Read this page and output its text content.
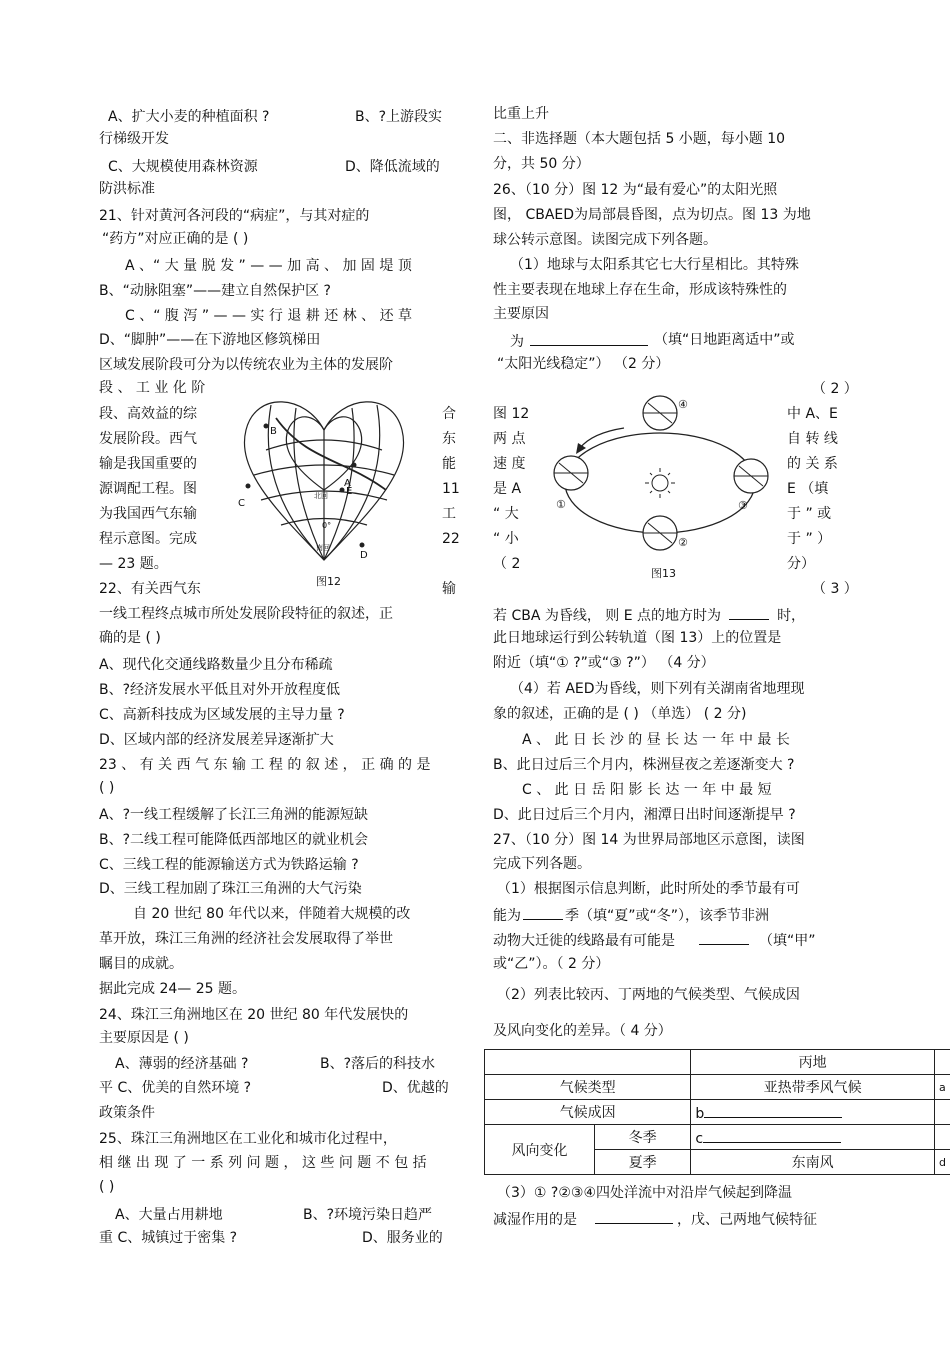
A、扩大小麦的种植面积 ?	B、?上游段实
行梯级开发
C、大规模使用森林资源	D、降低流域的
防洪标准
21、针对黄河各河段的“病症”，与其对症的
“药方”对应正确的是 ( )
A 、“ 大 量 脱 发 ” — — 加 高 、 加 固 堤 顶
B、“动脉阻塞”——建立自然保护区 ?
C 、“ 腹 泻 ” — — 实 行 退 耕 还 林 、 还 草
D、“脚肿”——在下游地区修筑梯田
区域发展阶段可分为以传统农业为主体的发展阶
段 、 工 业 化 阶
段、高效益的综
发展阶段。西气
输是我国重要的
源调配工程。图
为我国西气东输
程示意图。完成
— 23 题。
合
东
能
11
工
22
B
C
A
E
D
北回
0°
南回
图12
22、有关西气东	输
一线工程终点城市所处发展阶段特征的叙述，正
确的是 ( )
A、现代化交通线路数量少且分布稀疏
B、?经济发展水平低且对外开放程度低
C、高新科技成为区域发展的主导力量 ?
D、区域内部的经济发展差异逐渐扩大
23 、 有 关 西 气 东 输 工 程 的 叙 述 ， 正 确 的 是
( )
A、?一线工程缓解了长江三角洲的能源短缺
B、?二线工程可能降低西部地区的就业机会
C、三线工程的能源输送方式为铁路运输 ?
D、三线工程加剧了珠江三角洲的大气污染
自 20 世纪 80 年代以来，伴随着大规模的改
革开放，珠江三角洲的经济社会发展取得了举世
瞩目的成就。
据此完成 24— 25 题。
24、珠江三角洲地区在 20 世纪 80 年代发展快的
主要原因是 ( )
A、薄弱的经济基础 ?	B、?落后的科技水
平 C、优美的自然环境 ?	D、优越的
政策条件
25、珠江三角洲地区在工业化和城市化过程中，
相 继 出 现 了 一 系 列 问 题 ， 这 些 问 题 不 包 括
( )
A、大量占用耕地	B、?环境污染日趋严
重 C、城镇过于密集 ?	D、服务业的
比重上升
二、非选择题（本大题包括 5 小题，每小题 10
分，共 50 分）
26、（10 分）图 12 为“最有爱心”的太阳光照
图， CBAED为局部晨昏图，点为切点。图 13 为地
球公转示意图。读图完成下列各题。
（1）地球与太阳系其它七大行星相比。其特殊
性主要表现在地球上存在生命，形成该特殊性的
主要原因
为	（填“日地距离适中”或
“太阳光线稳定”） （2 分）
（ 2 ）
图 12
两 点
速 度
是 A
“ 大
“ 小
（ 2
中 A、E
自 转 线
的 关 系
E （填
于 ” 或
于 ” ）
分）
④
①	③
②
图13
（ 3 ）
若 CBA 为昏线， 则 E 点的地方时为	时，
此日地球运行到公转轨道（图 13）上的位置是
附近（填“① ?”或“③ ?”） （4 分）
（4）若 AED为昏线，则下列有关湖南省地理现
象的叙述，正确的是 ( ) （单选） ( 2 分)
A 、 此 日 长 沙 的 昼 长 达 一 年 中 最 长
B、此日过后三个月内，株洲昼夜之差逐渐变大 ?
C 、 此 日 岳 阳 影 长 达 一 年 中 最 短
D、此日过后三个月内，湘潭日出时间逐渐提早 ?
27、（10 分）图 14 为世界局部地区示意图，读图
完成下列各题。
（1）根据图示信息判断，此时所处的季节最有可
能为	季（填“夏”或“冬”），该季节非洲
动物大迁徙的线路最有可能是	（填“甲”
或“乙”）。（ 2 分）
（2）列表比较丙、丁两地的气候类型、气候成因
及风向变化的差异。（ 4 分）
		丙地	
气候类型		亚热带季风气候	a
气候成因		b	
风向变化	冬季	c	
	夏季	东南风	d
（3）① ?②③④四处洋流中对沿岸气候起到降温
减湿作用的是	，戊、己两地气候特征
